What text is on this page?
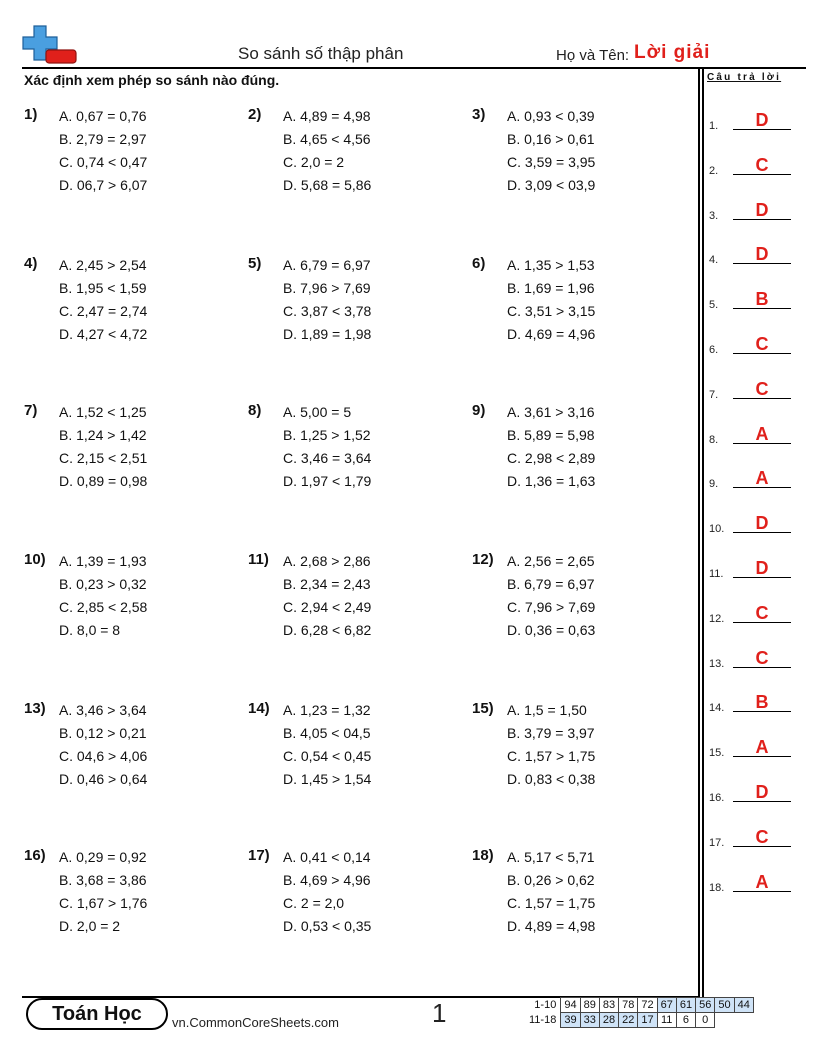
So sánh số thập phân	Họ và Tên: Lời giải
Xác định xem phép so sánh nào đúng.	Câu trả lời
1) A. 0,67 = 0,76
B. 2,79 = 2,97
C. 0,74 < 0,47
D. 06,7 > 6,07
2) A. 4,89 = 4,98
B. 4,65 < 4,56
C. 2,0 = 2
D. 5,68 = 5,86
3) A. 0,93 < 0,39
B. 0,16 > 0,61
C. 3,59 = 3,95
D. 3,09 < 03,9
4) A. 2,45 > 2,54
B. 1,95 < 1,59
C. 2,47 = 2,74
D. 4,27 < 4,72
5) A. 6,79 = 6,97
B. 7,96 > 7,69
C. 3,87 < 3,78
D. 1,89 = 1,98
6) A. 1,35 > 1,53
B. 1,69 = 1,96
C. 3,51 > 3,15
D. 4,69 = 4,96
7) A. 1,52 < 1,25
B. 1,24 > 1,42
C. 2,15 < 2,51
D. 0,89 = 0,98
8) A. 5,00 = 5
B. 1,25 > 1,52
C. 3,46 = 3,64
D. 1,97 < 1,79
9) A. 3,61 > 3,16
B. 5,89 = 5,98
C. 2,98 < 2,89
D. 1,36 = 1,63
10) A. 1,39 = 1,93
B. 0,23 > 0,32
C. 2,85 < 2,58
D. 8,0 = 8
11) A. 2,68 > 2,86
B. 2,34 = 2,43
C. 2,94 < 2,49
D. 6,28 < 6,82
12) A. 2,56 = 2,65
B. 6,79 = 6,97
C. 7,96 > 7,69
D. 0,36 = 0,63
13) A. 3,46 > 3,64
B. 0,12 > 0,21
C. 04,6 > 4,06
D. 0,46 > 0,64
14) A. 1,23 = 1,32
B. 4,05 < 04,5
C. 0,54 < 0,45
D. 1,45 > 1,54
15) A. 1,5 = 1,50
B. 3,79 = 3,97
C. 1,57 > 1,75
D. 0,83 < 0,38
16) A. 0,29 = 0,92
B. 3,68 = 3,86
C. 1,67 > 1,76
D. 2,0 = 2
17) A. 0,41 < 0,14
B. 4,69 > 4,96
C. 2 = 2,0
D. 0,53 < 0,35
18) A. 5,17 < 5,71
B. 0,26 > 0,62
C. 1,57 = 1,75
D. 4,89 = 4,98
1.	D
2.	C
3.	D
4.	D
5.	B
6.	C
7.	C
8.	A
9.	A
10.	D
11.	D
12.	C
13.	C
14.	B
15.	A
16.	D
17.	C
18.	A
Toán Học	vn.CommonCoreSheets.com	1	1-10	94	89	83	78	72	67	61	56	50	44
11-18	39	33	28	22	17	11	6	0		
